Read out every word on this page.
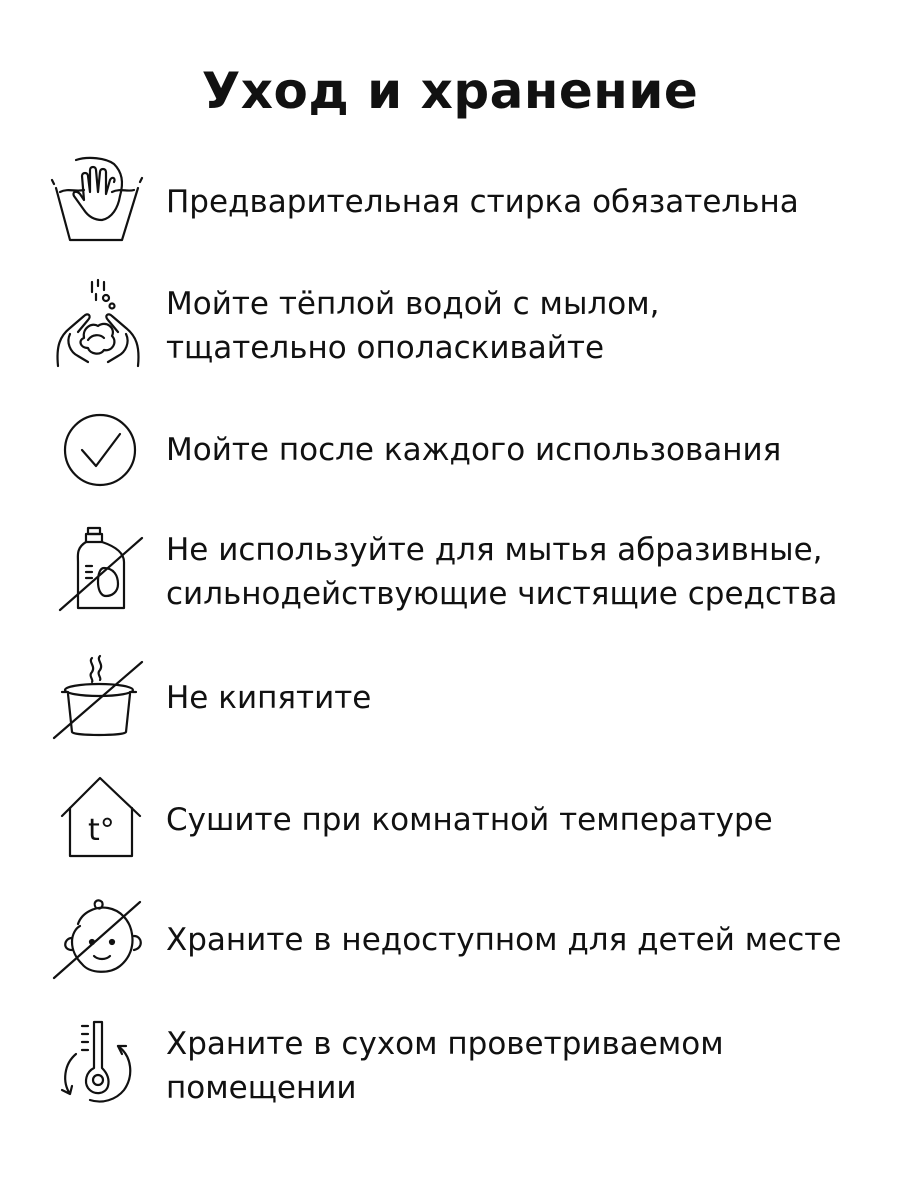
Уход и хранение
Предварительная стирка обязательна
Мойте тёплой водой с мылом,
тщательно ополаскивайте
Мойте после каждого использования
Не используйте для мытья абразивные,
сильнодействующие чистящие средства
Не кипятите
t° Сушите при комнатной температуре
Храните в недоступном для детей месте
Храните в сухом проветриваемом
помещении
